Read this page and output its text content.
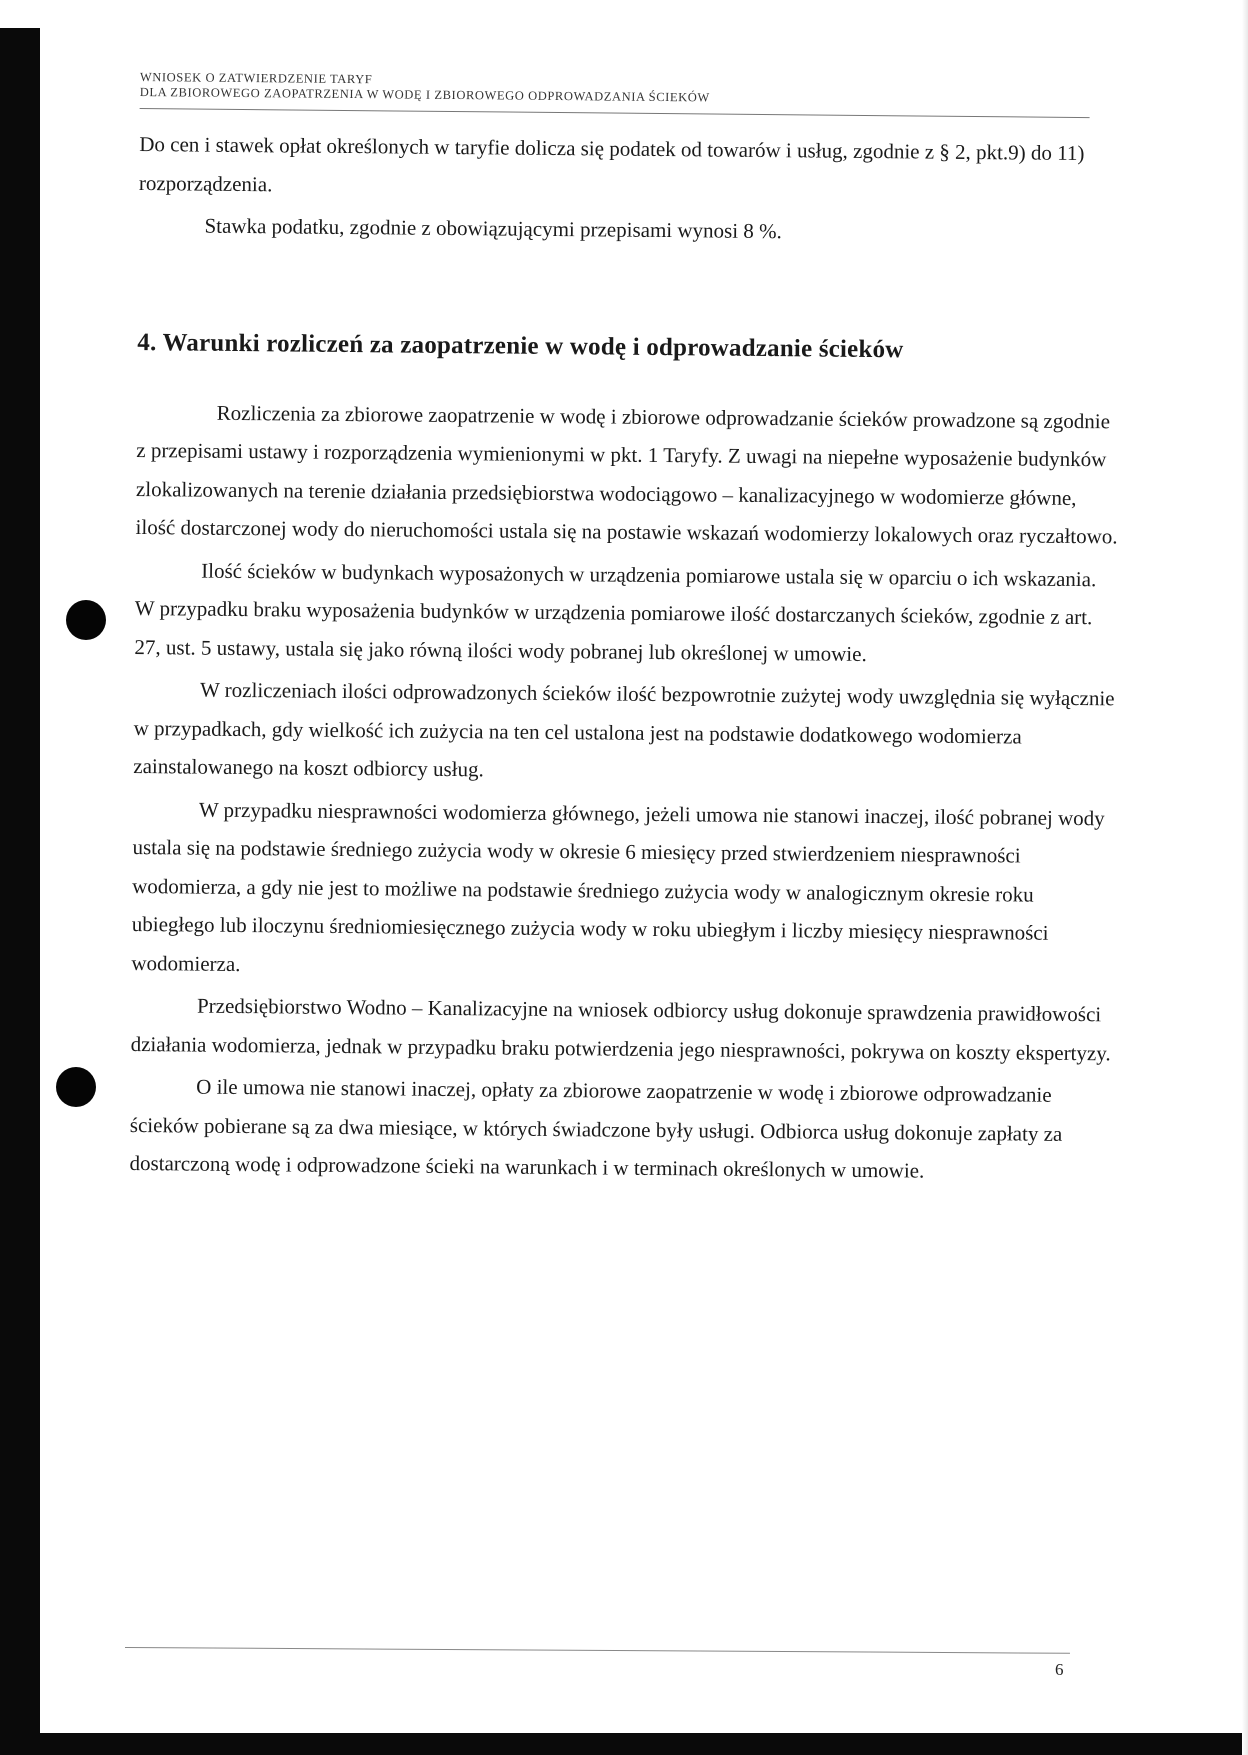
WNIOSEK O ZATWIERDZENIE TARYF
DLA ZBIOROWEGO ZAOPATRZENIA W WODĘ I ZBIOROWEGO ODPROWADZANIA ŚCIEKÓW

Do cen i stawek opłat określonych w taryfie dolicza się podatek od towarów i usług, zgodnie z § 2, pkt.9) do 11) rozporządzenia.

Stawka podatku, zgodnie z obowiązującymi przepisami wynosi 8 %.

4. Warunki rozliczeń za zaopatrzenie w wodę i odprowadzanie ścieków

Rozliczenia za zbiorowe zaopatrzenie w wodę i zbiorowe odprowadzanie ścieków prowadzone są zgodnie z przepisami ustawy i rozporządzenia wymienionymi w pkt. 1 Taryfy. Z uwagi na niepełne wyposażenie budynków zlokalizowanych na terenie działania przedsiębiorstwa wodociągowo – kanalizacyjnego w wodomierze główne, ilość dostarczonej wody do nieruchomości ustala się na postawie wskazań wodomierzy lokalowych oraz ryczałtowo.

Ilość ścieków w budynkach wyposażonych w urządzenia pomiarowe ustala się w oparciu o ich wskazania. W przypadku braku wyposażenia budynków w urządzenia pomiarowe ilość dostarczanych ścieków, zgodnie z art. 27, ust. 5 ustawy, ustala się jako równą ilości wody pobranej lub określonej w umowie.

W rozliczeniach ilości odprowadzonych ścieków ilość bezpowrotnie zużytej wody uwzględnia się wyłącznie w przypadkach, gdy wielkość ich zużycia na ten cel ustalona jest na podstawie dodatkowego wodomierza zainstalowanego na koszt odbiorcy usług.

W przypadku niesprawności wodomierza głównego, jeżeli umowa nie stanowi inaczej, ilość pobranej wody ustala się na podstawie średniego zużycia wody w okresie 6 miesięcy przed stwierdzeniem niesprawności wodomierza, a gdy nie jest to możliwe na podstawie średniego zużycia wody w analogicznym okresie roku ubiegłego lub iloczynu średniomiesięcznego zużycia wody w roku ubiegłym i liczby miesięcy niesprawności wodomierza.

Przedsiębiorstwo Wodno – Kanalizacyjne na wniosek odbiorcy usług dokonuje sprawdzenia prawidłowości działania wodomierza, jednak w przypadku braku potwierdzenia jego niesprawności, pokrywa on koszty ekspertyzy.

O ile umowa nie stanowi inaczej, opłaty za zbiorowe zaopatrzenie w wodę i zbiorowe odprowadzanie ścieków pobierane są za dwa miesiące, w których świadczone były usługi. Odbiorca usług dokonuje zapłaty za dostarczoną wodę i odprowadzone ścieki na warunkach i w terminach określonych w umowie.

6
